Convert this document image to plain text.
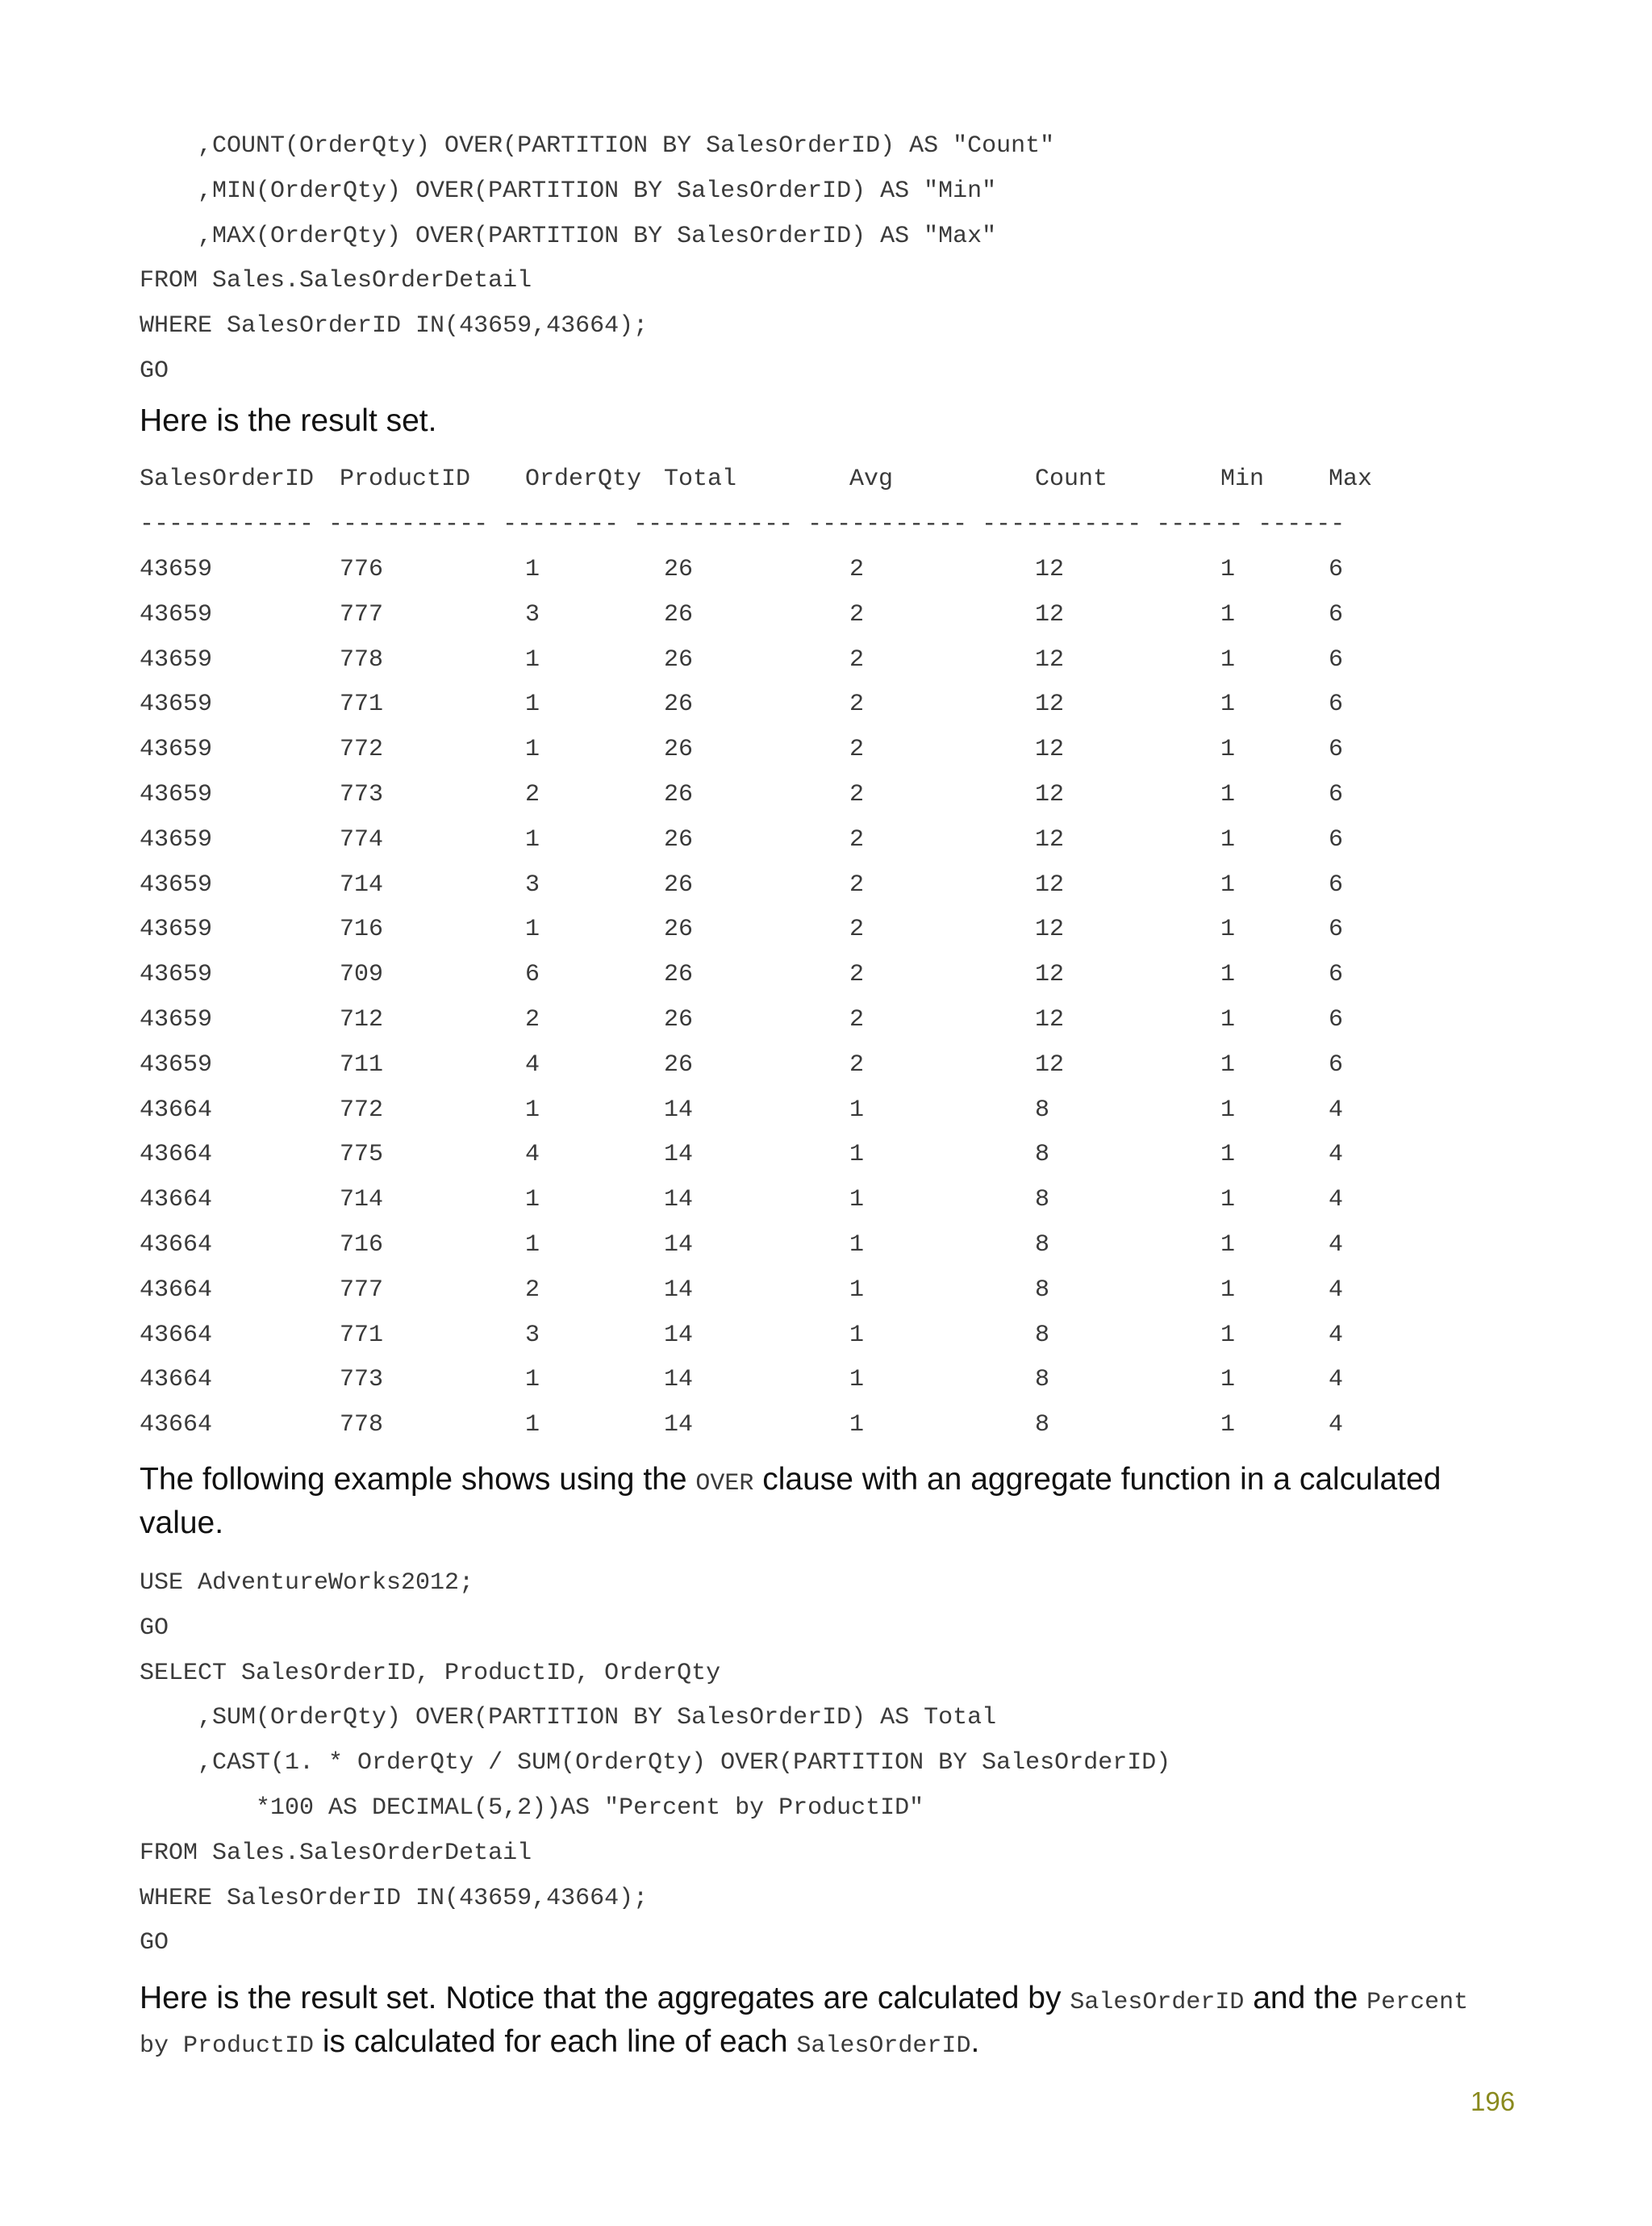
,COUNT(OrderQty) OVER(PARTITION BY SalesOrderID) AS "Count"
,MIN(OrderQty) OVER(PARTITION BY SalesOrderID) AS "Min"
,MAX(OrderQty) OVER(PARTITION BY SalesOrderID) AS "Max"
FROM Sales.SalesOrderDetail
WHERE SalesOrderID IN(43659,43664);
GO
Here is the result set.
SalesOrderID ProductID OrderQty Total	Avg	Count	Min	Max
------------ ----------- -------- ----------- ----------- ----------- ------ ------
43659	776	1	26	2	12	1	6
43659	777	3	26	2	12	1	6
43659	778	1	26	2	12	1	6
43659	771	1	26	2	12	1	6
43659	772	1	26	2	12	1	6
43659	773	2	26	2	12	1	6
43659	774	1	26	2	12	1	6
43659	714	3	26	2	12	1	6
43659	716	1	26	2	12	1	6
43659	709	6	26	2	12	1	6
43659	712	2	26	2	12	1	6
43659	711	4	26	2	12	1	6
43664	772	1	14	1	8	1	4
43664	775	4	14	1	8	1	4
43664	714	1	14	1	8	1	4
43664	716	1	14	1	8	1	4
43664	777	2	14	1	8	1	4
43664	771	3	14	1	8	1	4
43664	773	1	14	1	8	1	4
43664	778	1	14	1	8	1	4
The following example shows using the OVER clause with an aggregate function in a calculated
value.
USE AdventureWorks2012;
GO
SELECT SalesOrderID, ProductID, OrderQty
,SUM(OrderQty) OVER(PARTITION BY SalesOrderID) AS Total
,CAST(1. * OrderQty / SUM(OrderQty) OVER(PARTITION BY SalesOrderID)
*100 AS DECIMAL(5,2))AS "Percent by ProductID"
FROM Sales.SalesOrderDetail
WHERE SalesOrderID IN(43659,43664);
GO
Here is the result set. Notice that the aggregates are calculated by SalesOrderID and the Percent
by ProductID is calculated for each line of each SalesOrderID.
196
